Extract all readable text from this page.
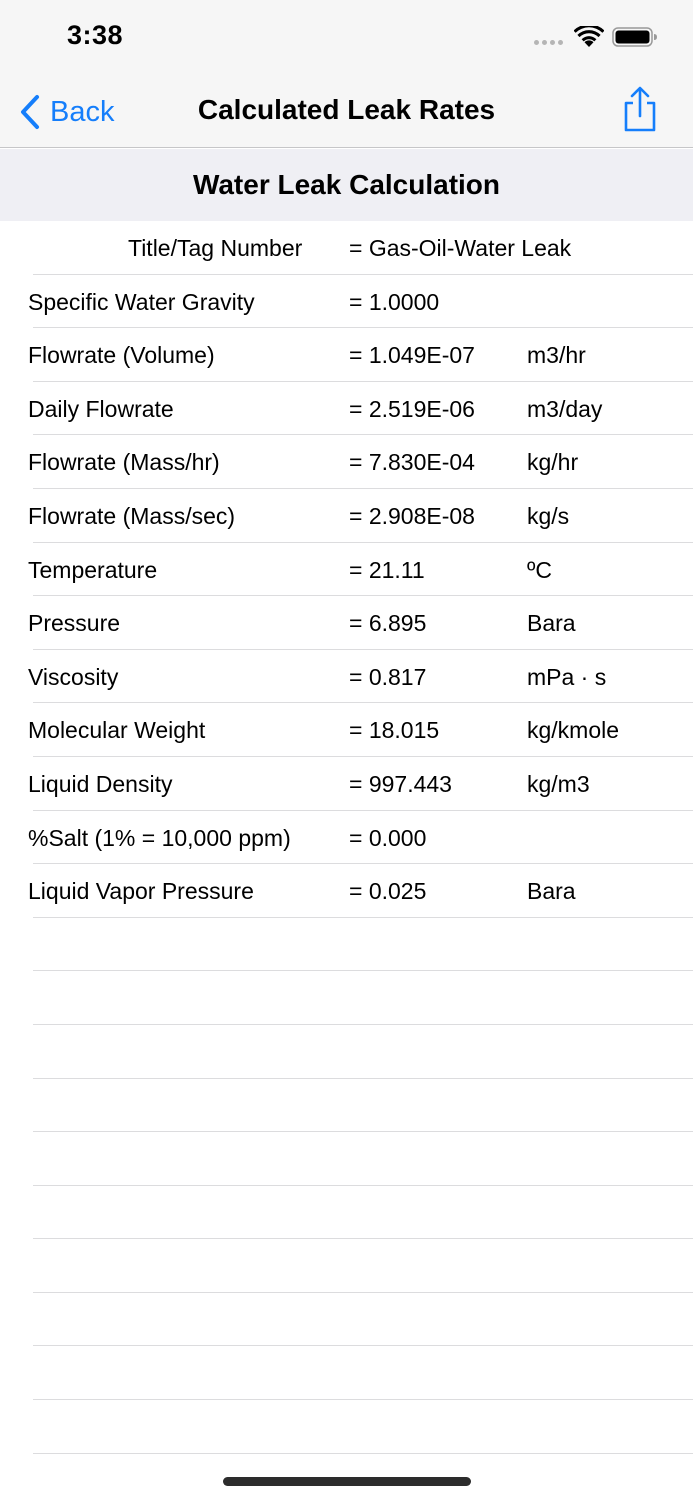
3:38
Back	Calculated Leak Rates
Water Leak Calculation
Title/Tag Number = Gas-Oil-Water Leak
Specific Water Gravity	= 1.0000
Flowrate (Volume)	= 1.049E-07 m3/hr
Daily Flowrate	= 2.519E-06 m3/day
Flowrate (Mass/hr)	= 7.830E-04 kg/hr
Flowrate (Mass/sec)	= 2.908E-08 kg/s
Temperature	= 21.11	ºC
Pressure	= 6.895	Bara
Viscosity	= 0.817	mPa · s
Molecular Weight	= 18.015	kg/kmole
Liquid Density	= 997.443	kg/m3
%Salt (1% = 10,000 ppm)	= 0.000
Liquid Vapor Pressure	= 0.025	Bara
